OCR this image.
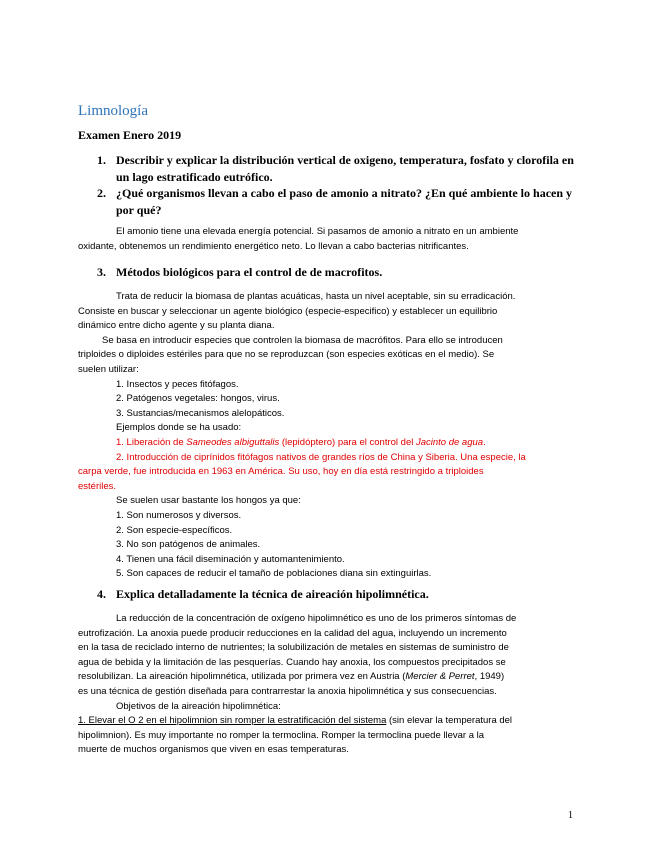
Limnología
Examen Enero 2019
1. Describir y explicar la distribución vertical de oxigeno, temperatura, fosfato y clorofila en un lago estratificado eutrófico.
2. ¿Qué organismos llevan a cabo el paso de amonio a nitrato? ¿En qué ambiente lo hacen y por qué?
El amonio tiene una elevada energía potencial. Si pasamos de amonio a nitrato en un ambiente
oxidante, obtenemos un rendimiento energético neto. Lo llevan a cabo bacterias nitrificantes.
3. Métodos biológicos para el control de de macrofitos.
Trata de reducir la biomasa de plantas acuáticas, hasta un nivel aceptable, sin su erradicación.
Consiste en buscar y seleccionar un agente biológico (especie-especifico) y establecer un equilibrio
dinámico entre dicho agente y su planta diana.
Se basa en introducir especies que controlen la biomasa de macrófitos. Para ello se introducen
triploides o diploides estériles para que no se reproduzcan (son especies exóticas en el medio). Se
suelen utilizar:
1. Insectos y peces fitófagos.
2. Patógenos vegetales: hongos, virus.
3. Sustancias/mecanismos alelopáticos.
Ejemplos donde se ha usado:
1. Liberación de Sameodes albiguttalis (lepidóptero) para el control del Jacinto de agua.
2. Introducción de ciprínidos fitófagos nativos de grandes ríos de China y Siberia. Una especie, la
carpa verde, fue introducida en 1963 en América. Su uso, hoy en día está restringido a triploides
estériles.
Se suelen usar bastante los hongos ya que:
1. Son numerosos y diversos.
2. Son especie-específicos.
3. No son patógenos de animales.
4. Tienen una fácil diseminación y automantenimiento.
5. Son capaces de reducir el tamaño de poblaciones diana sin extinguirlas.
4. Explica detalladamente la técnica de aireación hipolimnética.
La reducción de la concentración de oxígeno hipolimnético es uno de los primeros síntomas de
eutrofización. La anoxia puede producir reducciones en la calidad del agua, incluyendo un incremento
en la tasa de reciclado interno de nutrientes; la solubilización de metales en sistemas de suministro de
agua de bebida y la limitación de las pesquerías. Cuando hay anoxia, los compuestos precipitados se
resolubilizan. La aireación hipolimnética, utilizada por primera vez en Austria (Mercier & Perret, 1949)
es una técnica de gestión diseñada para contrarrestar la anoxia hipolimnética y sus consecuencias.
Objetivos de la aireación hipolimnética:
1. Elevar el O 2 en el hipolimnion sin romper la estratificación del sistema (sin elevar la temperatura del
hipolimnion). Es muy importante no romper la termoclina. Romper la termoclina puede llevar a la
muerte de muchos organismos que viven en esas temperaturas.
1
